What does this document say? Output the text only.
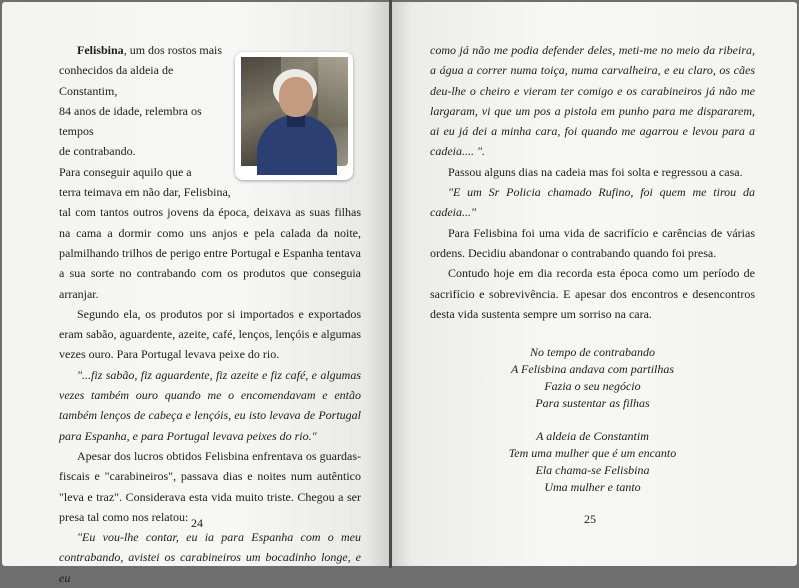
Felisbina, um dos rostos mais

conhecidos da aldeia de Constantim,

84 anos de idade, relembra os tempos

de contrabando.

Para conseguir aquilo que a

terra teimava em não dar, Felisbina,

tal com tantos outros jovens da época, deixava as suas filhas na cama a dormir como uns anjos e pela calada da noite, palmilhando trilhos de perigo entre Portugal e Espanha tentava a sua sorte no contrabando com os produtos que conseguia arranjar.

Segundo ela, os produtos por si importados e exportados eram sabão, aguardente, azeite, café, lenços, lençóis e algumas vezes ouro. Para Portugal levava peixe do rio.

"...fiz sabão, fiz aguardente, fiz azeite e fiz café, e algumas vezes também ouro quando me o encomendavam e então também lenços de cabeça e lençóis, eu isto levava de Portugal para Espanha, e para Portugal levava peixes do rio."

Apesar dos lucros obtidos Felisbina enfrentava os guardas-fiscais e "carabineiros", passava dias e noites num autêntico "leva e traz". Considerava esta vida muito triste. Chegou a ser presa tal como nos relatou:

"Eu vou-lhe contar, eu ia para Espanha com o meu contrabando, avistei os carabineiros um bocadinho longe, e eu

24

como já não me podia defender deles, meti-me no meio da ribeira, a água a correr numa toiça, numa carvalheira, e eu claro, os cães deu-lhe o cheiro e vieram ter comigo e os carabineiros já não me largaram, vi que um pos a pistola em punho para me dispararem, ai eu já dei a minha cara, foi quando me agarrou e levou para a cadeia.... ".

Passou alguns dias na cadeia mas foi solta e regressou a casa.

"E um Sr Policia chamado Rufino, foi quem me tirou da cadeia..."

Para Felisbina foi uma vida de sacrifício e carências de várias ordens. Decidiu abandonar o contrabando quando foi presa.

Contudo hoje em dia recorda esta época como um período de sacrifício e sobrevivência. E apesar dos encontros e desencontros desta vida sustenta sempre um sorriso na cara.

No tempo de contrabando
A Felisbina andava com partilhas
Fazia o seu negócio
Para sustentar as filhas
A aldeia de Constantim
Tem uma mulher que é um encanto
Ela chama-se Felisbina
Uma mulher e tanto
25
